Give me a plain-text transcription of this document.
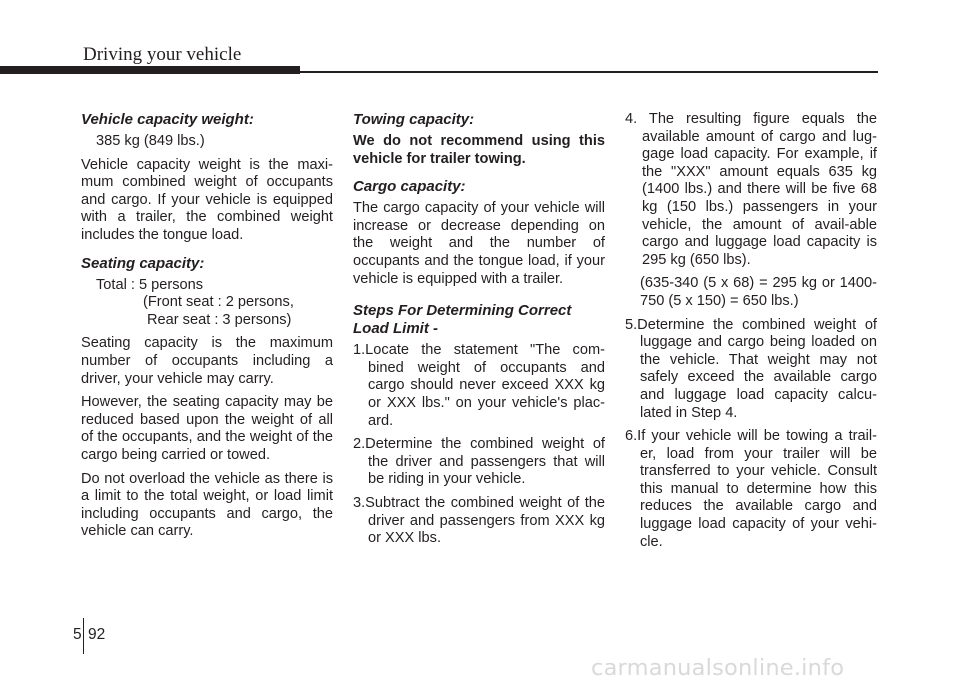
Driving your vehicle
Vehicle capacity weight:
385 kg (849 lbs.)

Vehicle capacity weight is the maxi-mum combined weight of occupants and cargo. If your vehicle is equipped with a trailer, the combined weight includes the tongue load.

Seating capacity:
Total : 5 persons
(Front seat : 2 persons,
Rear seat : 3 persons)

Seating capacity is the maximum number of occupants including a driver, your vehicle may carry.

However, the seating capacity may be reduced based upon the weight of all of the occupants, and the weight of the cargo being carried or towed.

Do not overload the vehicle as there is a limit to the total weight, or load limit including occupants and cargo, the vehicle can carry.

Towing capacity:

We do not recommend using this vehicle for trailer towing.

Cargo capacity:

The cargo capacity of your vehicle will increase or decrease depending on the weight and the number of occupants and the tongue load, if your vehicle is equipped with a trailer.

Steps For Determining Correct
Load Limit -
1.Locate the statement "The com-bined weight of occupants and cargo should never exceed XXX kg or XXX lbs." on your vehicle's plac-ard.
2.Determine the combined weight of the driver and passengers that will be riding in your vehicle.
3.Subtract the combined weight of the driver and passengers from XXX kg or XXX lbs.
4. The resulting figure equals the available amount of cargo and lug-gage load capacity. For example, if the "XXX" amount equals 635 kg (1400 lbs.) and there will be five 68 kg (150 lbs.) passengers in your vehicle, the amount of avail-able cargo and luggage load capacity is 295 kg (650 lbs).
(635-340 (5 x 68) = 295 kg or 1400-750 (5 x 150) = 650 lbs.)
5.Determine the combined weight of luggage and cargo being loaded on the vehicle. That weight may not safely exceed the available cargo and luggage load capacity calcu-lated in Step 4.
6.If your vehicle will be towing a trail-er, load from your trailer will be transferred to your vehicle. Consult this manual to determine how this reduces the available cargo and luggage load capacity of your vehi-cle.
5 92
carmanualsonline.info
